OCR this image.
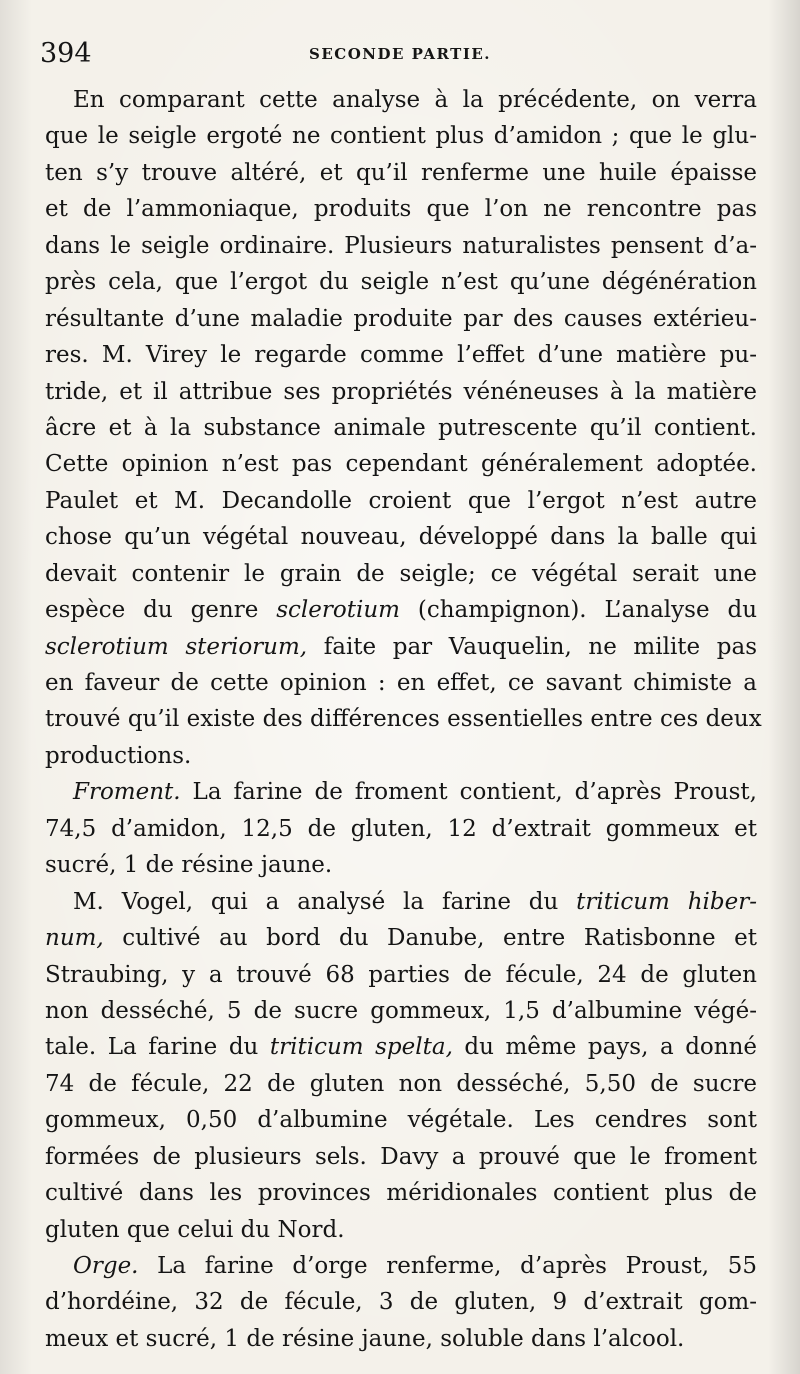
394	SECONDE PARTIE.
En comparant cette analyse à la précédente, on verra
que le seigle ergoté ne contient plus d’amidon ; que le glu-
ten s’y trouve altéré, et qu’il renferme une huile épaisse
et de l’ammoniaque, produits que l’on ne rencontre pas
dans le seigle ordinaire. Plusieurs naturalistes pensent d’a-
près cela, que l’ergot du seigle n’est qu’une dégénération
résultante d’une maladie produite par des causes extérieu-
res. M. Virey le regarde comme l’effet d’une matière pu-
tride, et il attribue ses propriétés vénéneuses à la matière
âcre et à la substance animale putrescente qu’il contient.
Cette opinion n’est pas cependant généralement adoptée.
Paulet et M. Decandolle croient que l’ergot n’est autre
chose qu’un végétal nouveau, développé dans la balle qui
devait contenir le grain de seigle; ce végétal serait une
espèce du genre sclerotium (champignon). L’analyse du
sclerotium steriorum, faite par Vauquelin, ne milite pas
en faveur de cette opinion : en effet, ce savant chimiste a
trouvé qu’il existe des différences essentielles entre ces deux
productions.
Froment. La farine de froment contient, d’après Proust,
74,5 d’amidon, 12,5 de gluten, 12 d’extrait gommeux et
sucré, 1 de résine jaune.
M. Vogel, qui a analysé la farine du triticum hiber-
num, cultivé au bord du Danube, entre Ratisbonne et
Straubing, y a trouvé 68 parties de fécule, 24 de gluten
non desséché, 5 de sucre gommeux, 1,5 d’albumine végé-
tale. La farine du triticum spelta, du même pays, a donné
74 de fécule, 22 de gluten non desséché, 5,50 de sucre
gommeux, 0,50 d’albumine végétale. Les cendres sont
formées de plusieurs sels. Davy a prouvé que le froment
cultivé dans les provinces méridionales contient plus de
gluten que celui du Nord.
Orge. La farine d’orge renferme, d’après Proust, 55
d’hordéine, 32 de fécule, 3 de gluten, 9 d’extrait gom-
meux et sucré, 1 de résine jaune, soluble dans l’alcool.
